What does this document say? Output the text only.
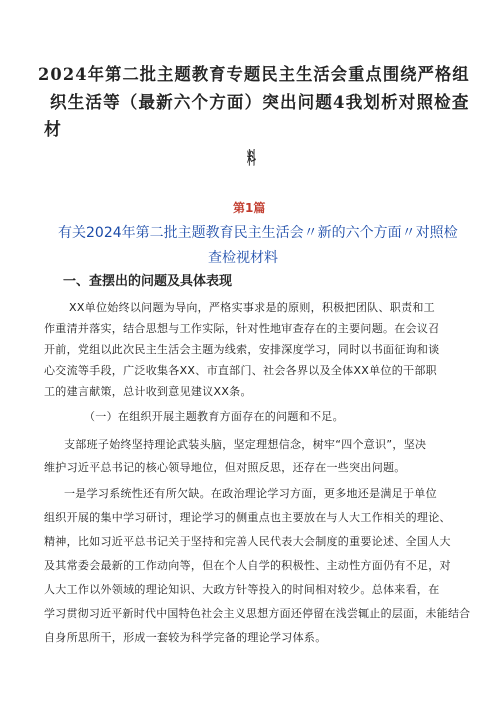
2024年第二批主题教育专题民主生活会重点围绕严格组
织生活等（最新六个方面）突出问题4我划析对照检查
材
料
第1篇
有关2024年第二批主题教育民主生活会〃新的六个方面〃对照检
查检视材料
一、查摆出的问题及具体表现
XX单位始终以问题为导向，严格实事求是的原则，积极把团队、职责和工
作重清并落实，结合思想与工作实际，针对性地审查存在的主要问题。在会议召
开前，党组以此次民主生活会主题为线索，安排深度学习，同时以书面征询和谈
心交流等手段，广泛收集各XX、市直部门、社会各界以及全体XX单位的干部职
工的建言献策，总计收到意见建议XX条。
（一）在组织开展主题教育方面存在的问题和不足。
支部班子始终坚持理论武装头脑，坚定理想信念，树牢“四个意识”，坚决
维护习近平总书记的核心领导地位，但对照反思，还存在一些突出问题。
一是学习系统性还有所欠缺。在政治理论学习方面，更多地还是满足于单位
组织开展的集中学习研讨，理论学习的侧重点也主要放在与人大工作相关的理论、
精神，比如习近平总书记关于坚持和完善人民代表大会制度的重要论述、全国人大
及其常委会最新的工作动向等，但在个人自学的积极性、主动性方面仍有不足，对
人大工作以外领域的理论知识、大政方针等投入的时间相对较少。总体来看，在
学习贯彻习近平新时代中国特色社会主义思想方面还停留在浅尝辄止的层面，未能结合
自身所思所干，形成一套较为科学完备的理论学习体系。
